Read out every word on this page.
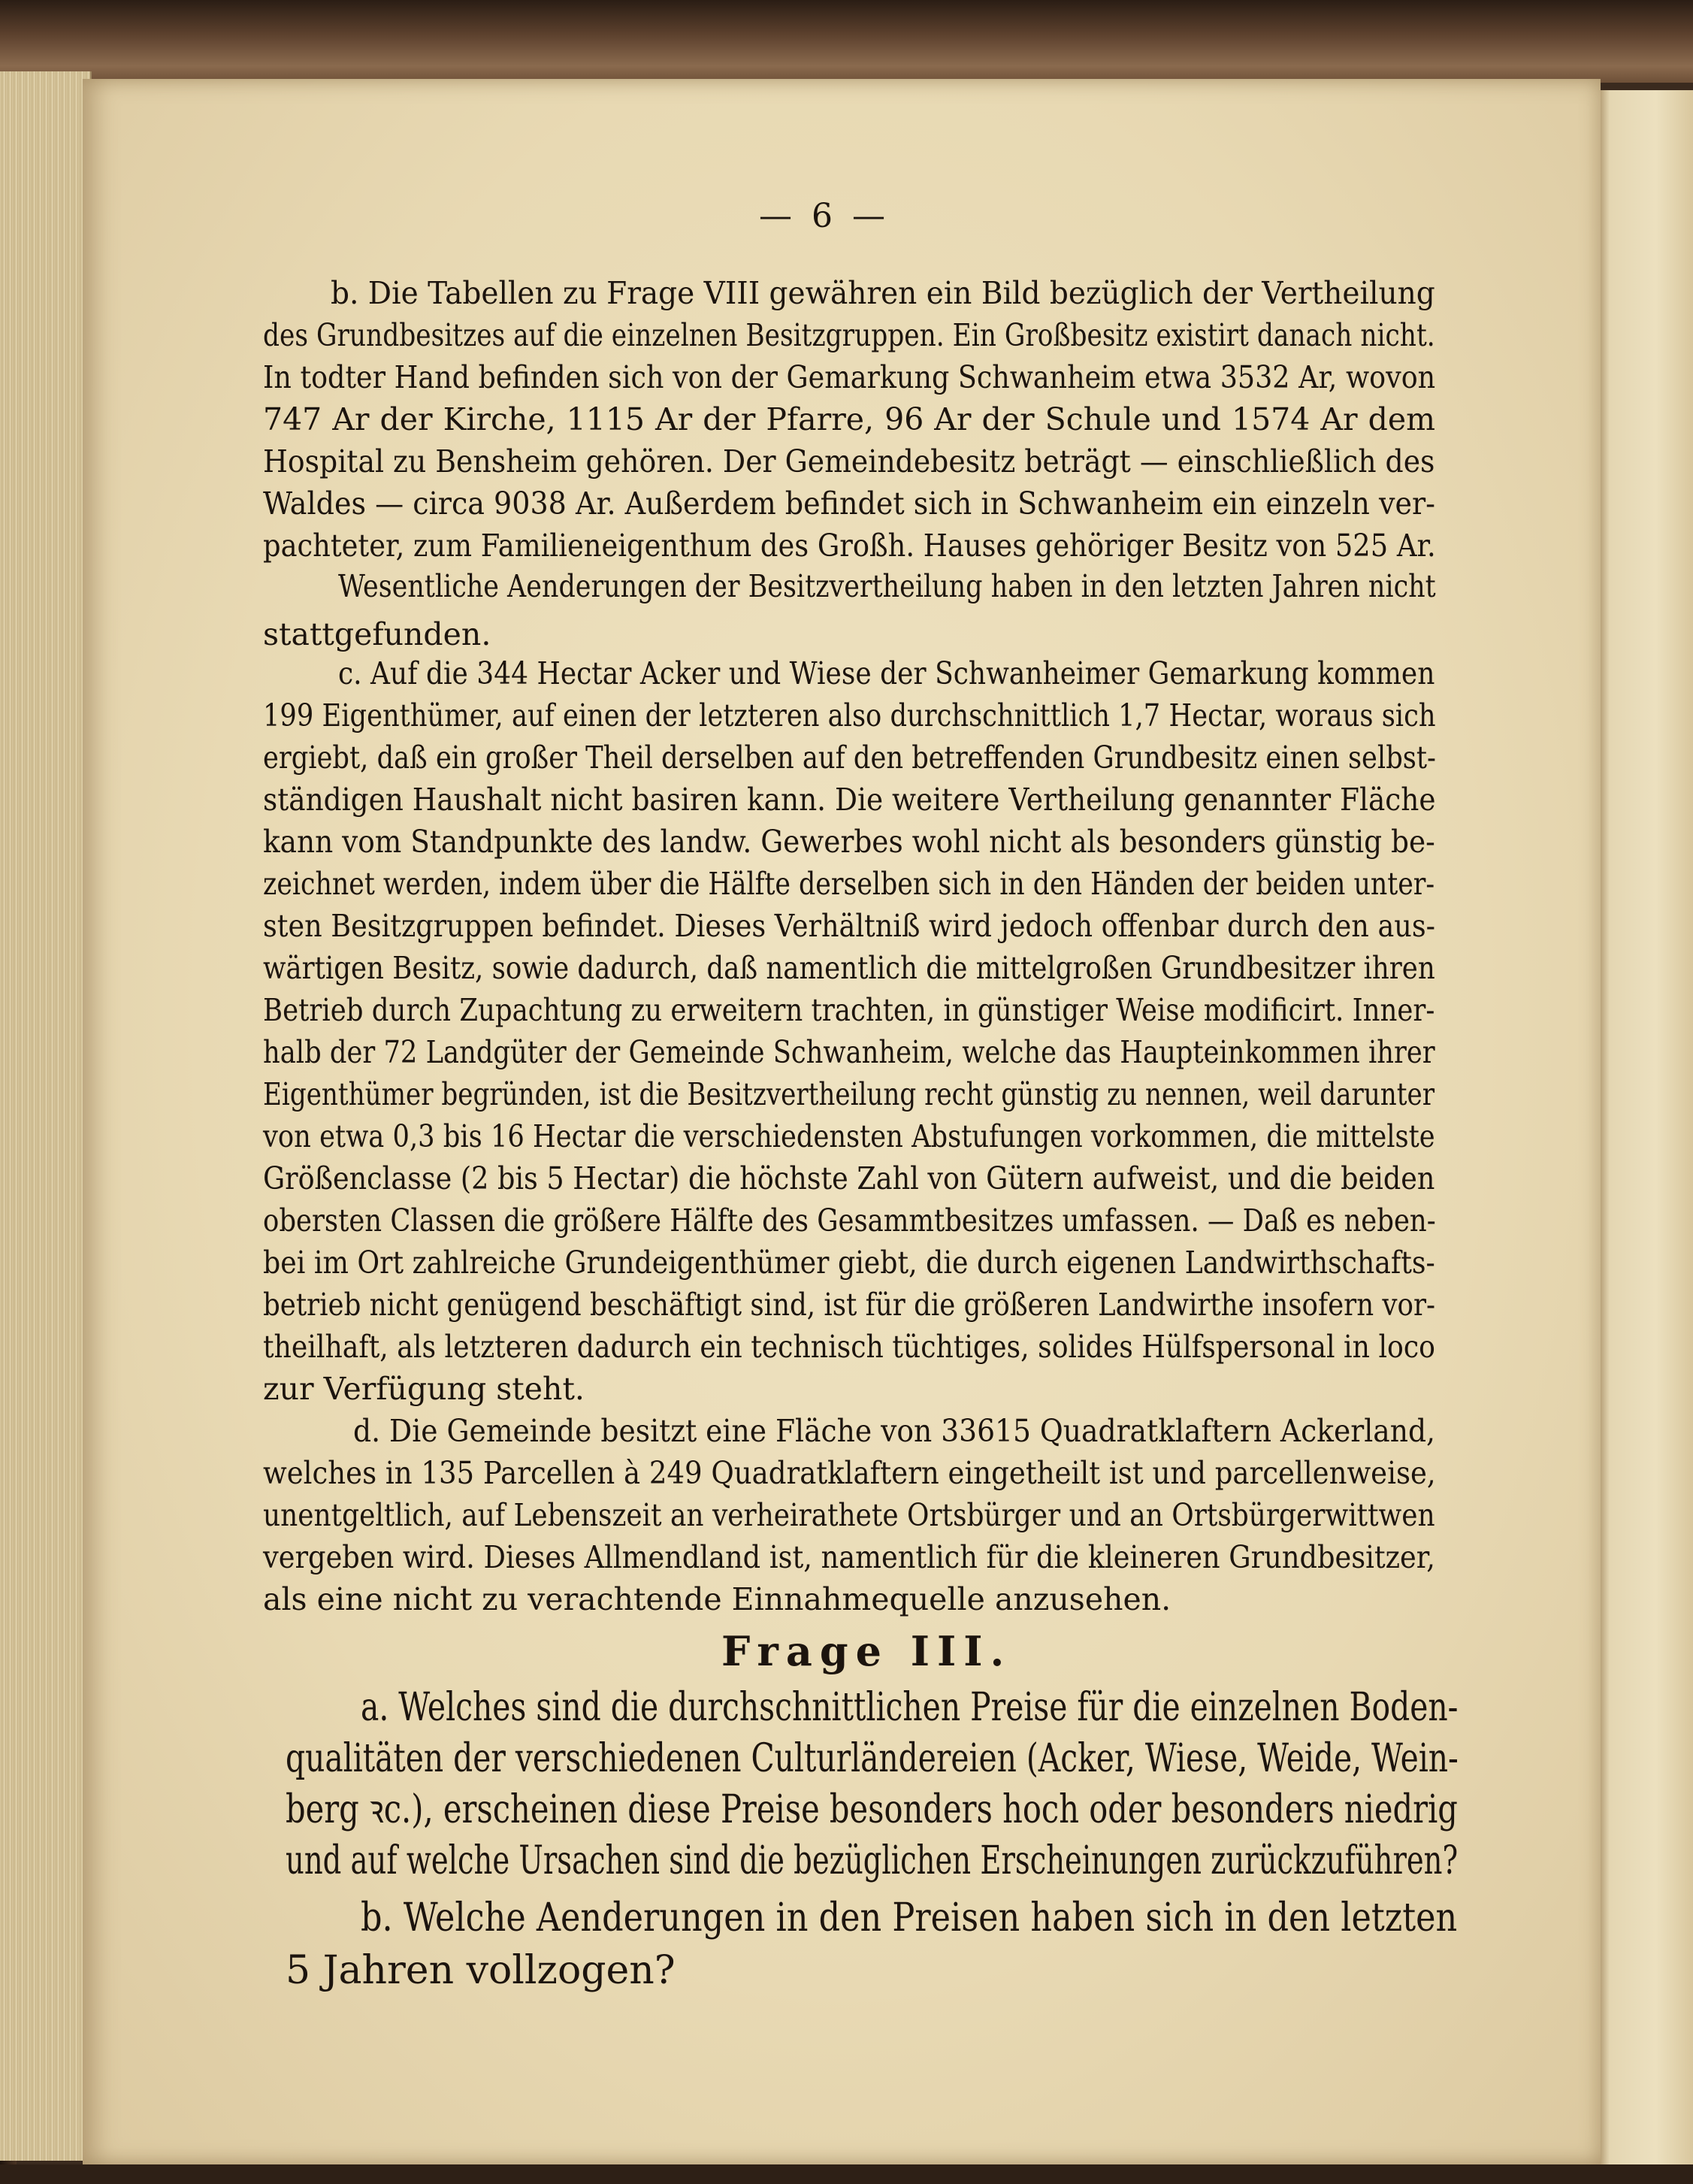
— 6 —
b. Die Tabellen zu Frage VIII gewähren ein Bild bezüglich der Vertheilung
des Grundbesitzes auf die einzelnen Besitzgruppen. Ein Großbesitz existirt danach nicht.
In todter Hand befinden sich von der Gemarkung Schwanheim etwa 3532 Ar, wovon
747 Ar der Kirche, 1115 Ar der Pfarre, 96 Ar der Schule und 1574 Ar dem
Hospital zu Bensheim gehören. Der Gemeindebesitz beträgt — einschließlich des
Waldes — circa 9038 Ar. Außerdem befindet sich in Schwanheim ein einzeln ver-
pachteter, zum Familieneigenthum des Großh. Hauses gehöriger Besitz von 525 Ar.
Wesentliche Aenderungen der Besitzvertheilung haben in den letzten Jahren nicht
stattgefunden.
c. Auf die 344 Hectar Acker und Wiese der Schwanheimer Gemarkung kommen
199 Eigenthümer, auf einen der letzteren also durchschnittlich 1,7 Hectar, woraus sich
ergiebt, daß ein großer Theil derselben auf den betreffenden Grundbesitz einen selbst-
ständigen Haushalt nicht basiren kann. Die weitere Vertheilung genannter Fläche
kann vom Standpunkte des landw. Gewerbes wohl nicht als besonders günstig be-
zeichnet werden, indem über die Hälfte derselben sich in den Händen der beiden unter-
sten Besitzgruppen befindet. Dieses Verhältniß wird jedoch offenbar durch den aus-
wärtigen Besitz, sowie dadurch, daß namentlich die mittelgroßen Grundbesitzer ihren
Betrieb durch Zupachtung zu erweitern trachten, in günstiger Weise modificirt. Inner-
halb der 72 Landgüter der Gemeinde Schwanheim, welche das Haupteinkommen ihrer
Eigenthümer begründen, ist die Besitzvertheilung recht günstig zu nennen, weil darunter
von etwa 0,3 bis 16 Hectar die verschiedensten Abstufungen vorkommen, die mittelste
Größenclasse (2 bis 5 Hectar) die höchste Zahl von Gütern aufweist, und die beiden
obersten Classen die größere Hälfte des Gesammtbesitzes umfassen. — Daß es neben-
bei im Ort zahlreiche Grundeigenthümer giebt, die durch eigenen Landwirthschafts-
betrieb nicht genügend beschäftigt sind, ist für die größeren Landwirthe insofern vor-
theilhaft, als letzteren dadurch ein technisch tüchtiges, solides Hülfspersonal in loco
zur Verfügung steht.
d. Die Gemeinde besitzt eine Fläche von 33615 Quadratklaftern Ackerland,
welches in 135 Parcellen à 249 Quadratklaftern eingetheilt ist und parcellenweise,
unentgeltlich, auf Lebenszeit an verheirathete Ortsbürger und an Ortsbürgerwittwen
vergeben wird. Dieses Allmendland ist, namentlich für die kleineren Grundbesitzer,
als eine nicht zu verachtende Einnahmequelle anzusehen.
Frage III.
a. Welches sind die durchschnittlichen Preise für die einzelnen Boden-
qualitäten der verschiedenen Culturländereien (Acker, Wiese, Weide, Wein-
berg ꝛc.), erscheinen diese Preise besonders hoch oder besonders niedrig
und auf welche Ursachen sind die bezüglichen Erscheinungen zurückzuführen?
b. Welche Aenderungen in den Preisen haben sich in den letzten
5 Jahren vollzogen?
